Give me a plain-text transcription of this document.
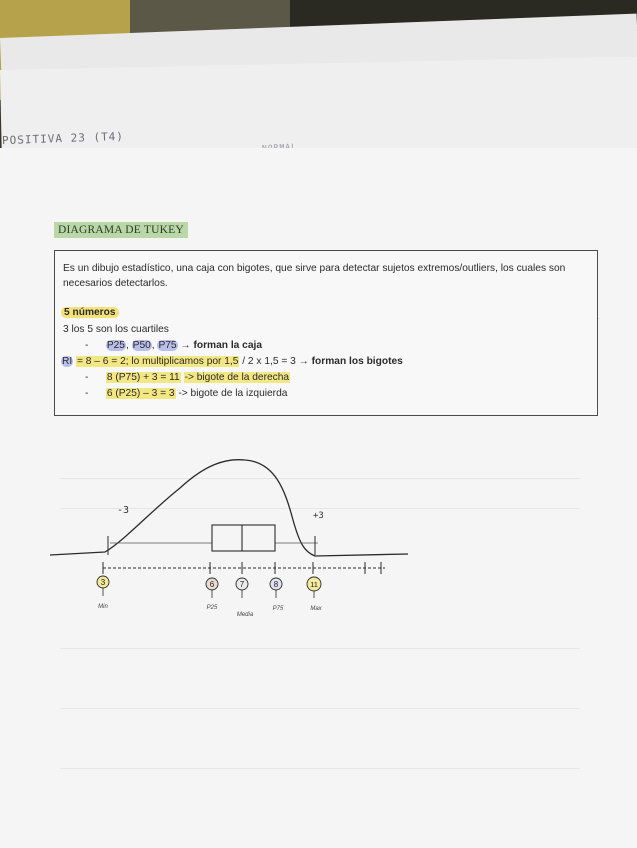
POSITIVA 23 (T4)
DIAGRAMA DE TUKEY
Es un dibujo estadístico, una caja con bigotes, que sirve para detectar sujetos extremos/outliers, los cuales son necesarios detectarlos.
5 números
3 los 5 son los cuartiles
- P25, P50, P75 → forman la caja
RI = 8 – 6 = 2; lo multiplicamos por 1,5 / 2 x 1,5 = 3 → forman los bigotes
- 8 (P75) + 3 = 11 -> bigote de la derecha
- 6 (P25) – 3 = 3 -> bigote de la izquierda
-3	+3
3
Min
6
P25
7
Media
8
P75
11
Max
